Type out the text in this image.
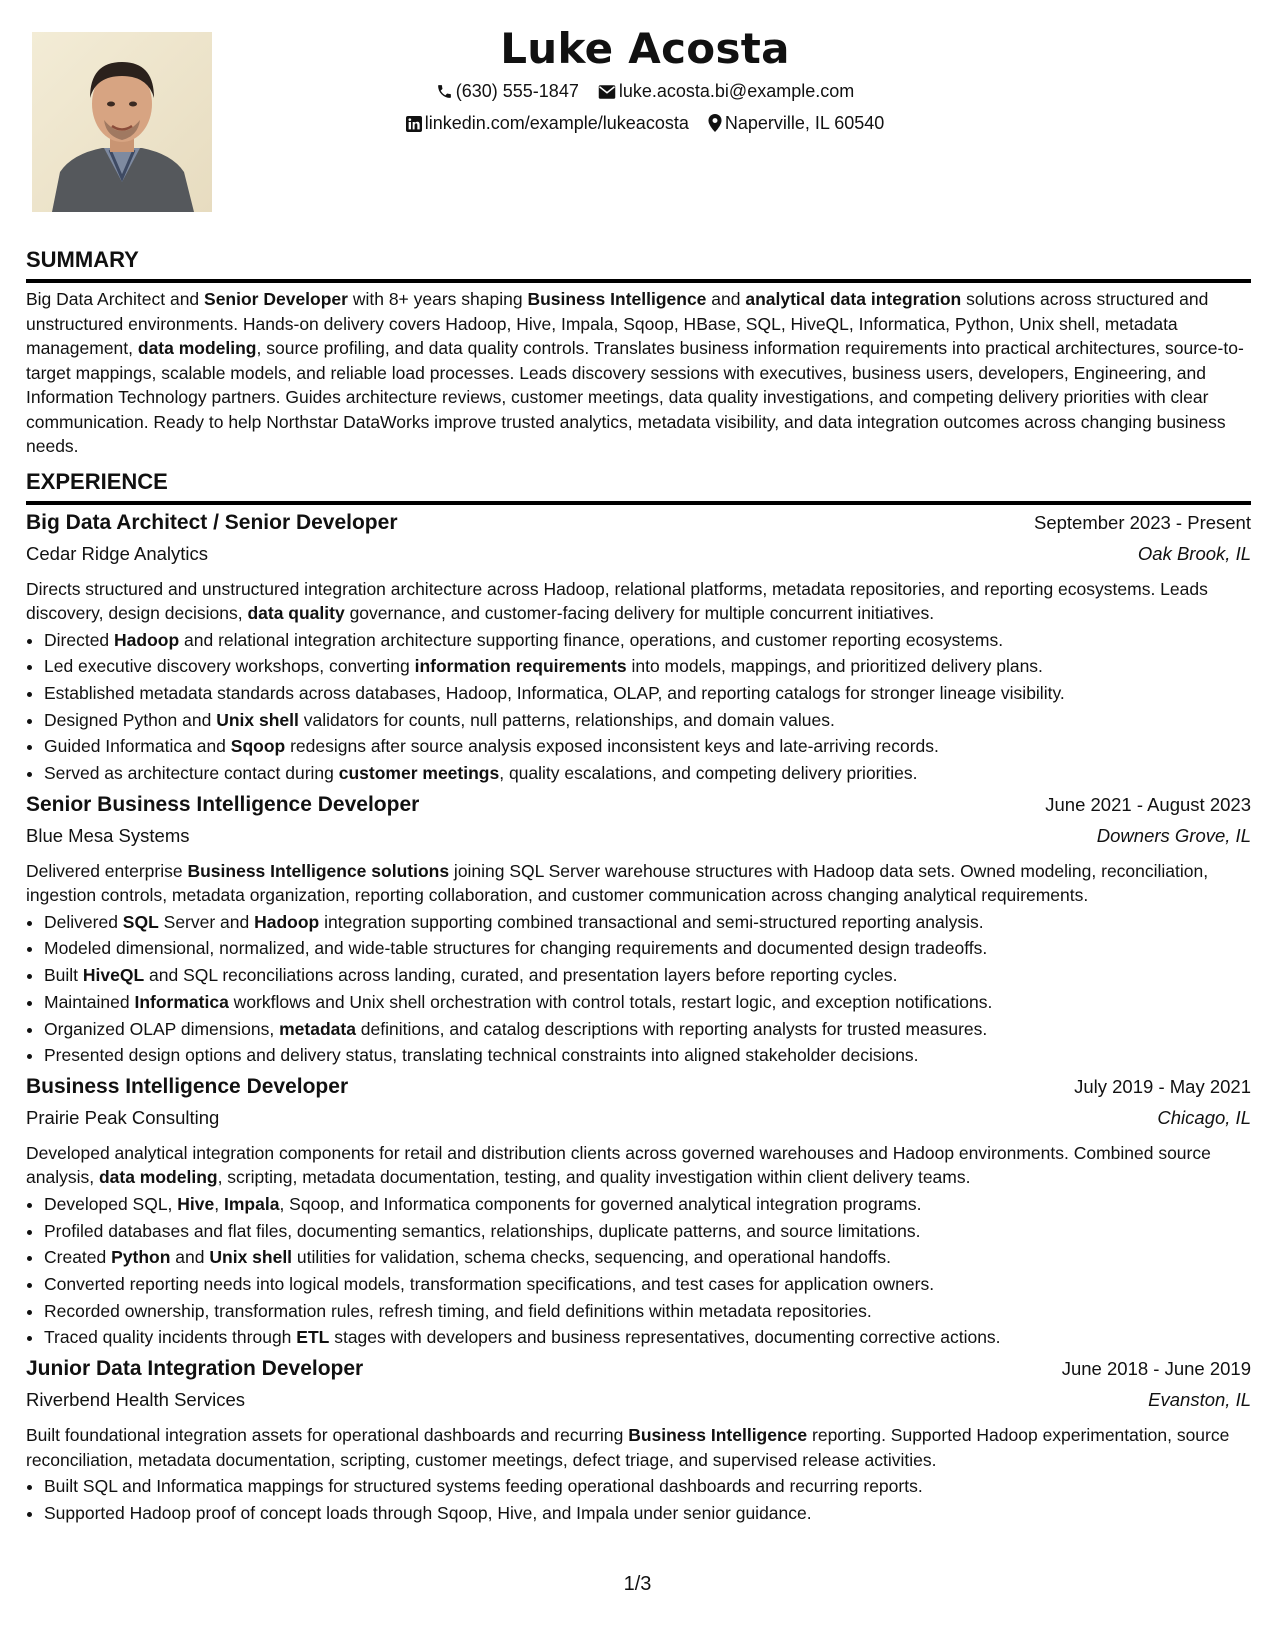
Luke Acosta
(630) 555-1847 luke.acosta.bi@example.com
linkedin.com/example/lukeacosta Naperville, IL 60540
SUMMARY

Big Data Architect and Senior Developer with 8+ years shaping Business Intelligence and analytical data integration solutions across structured and unstructured environments. Hands-on delivery covers Hadoop, Hive, Impala, Sqoop, HBase, SQL, HiveQL, Informatica, Python, Unix shell, metadata management, data modeling, source profiling, and data quality controls. Translates business information requirements into practical architectures, source-to-target mappings, scalable models, and reliable load processes. Leads discovery sessions with executives, business users, developers, Engineering, and Information Technology partners. Guides architecture reviews, customer meetings, data quality investigations, and competing delivery priorities with clear communication. Ready to help Northstar DataWorks improve trusted analytics, metadata visibility, and data integration outcomes across changing business needs.

EXPERIENCE
Big Data Architect / Senior Developer	September 2023 - Present
Cedar Ridge Analytics	Oak Brook, IL

Directs structured and unstructured integration architecture across Hadoop, relational platforms, metadata repositories, and reporting ecosystems. Leads discovery, design decisions, data quality governance, and customer-facing delivery for multiple concurrent initiatives.

• Directed Hadoop and relational integration architecture supporting finance, operations, and customer reporting ecosystems.
• Led executive discovery workshops, converting information requirements into models, mappings, and prioritized delivery plans.
• Established metadata standards across databases, Hadoop, Informatica, OLAP, and reporting catalogs for stronger lineage visibility.
• Designed Python and Unix shell validators for counts, null patterns, relationships, and domain values.
• Guided Informatica and Sqoop redesigns after source analysis exposed inconsistent keys and late-arriving records.
• Served as architecture contact during customer meetings, quality escalations, and competing delivery priorities.
Senior Business Intelligence Developer	June 2021 - August 2023
Blue Mesa Systems	Downers Grove, IL

Delivered enterprise Business Intelligence solutions joining SQL Server warehouse structures with Hadoop data sets. Owned modeling, reconciliation, ingestion controls, metadata organization, reporting collaboration, and customer communication across changing analytical requirements.

• Delivered SQL Server and Hadoop integration supporting combined transactional and semi-structured reporting analysis.
• Modeled dimensional, normalized, and wide-table structures for changing requirements and documented design tradeoffs.
• Built HiveQL and SQL reconciliations across landing, curated, and presentation layers before reporting cycles.
• Maintained Informatica workflows and Unix shell orchestration with control totals, restart logic, and exception notifications.
• Organized OLAP dimensions, metadata definitions, and catalog descriptions with reporting analysts for trusted measures.
• Presented design options and delivery status, translating technical constraints into aligned stakeholder decisions.
Business Intelligence Developer	July 2019 - May 2021
Prairie Peak Consulting	Chicago, IL

Developed analytical integration components for retail and distribution clients across governed warehouses and Hadoop environments. Combined source analysis, data modeling, scripting, metadata documentation, testing, and quality investigation within client delivery teams.

• Developed SQL, Hive, Impala, Sqoop, and Informatica components for governed analytical integration programs.
• Profiled databases and flat files, documenting semantics, relationships, duplicate patterns, and source limitations.
• Created Python and Unix shell utilities for validation, schema checks, sequencing, and operational handoffs.
• Converted reporting needs into logical models, transformation specifications, and test cases for application owners.
• Recorded ownership, transformation rules, refresh timing, and field definitions within metadata repositories.
• Traced quality incidents through ETL stages with developers and business representatives, documenting corrective actions.
Junior Data Integration Developer	June 2018 - June 2019
Riverbend Health Services	Evanston, IL

Built foundational integration assets for operational dashboards and recurring Business Intelligence reporting. Supported Hadoop experimentation, source reconciliation, metadata documentation, scripting, customer meetings, defect triage, and supervised release activities.

• Built SQL and Informatica mappings for structured systems feeding operational dashboards and recurring reports.
• Supported Hadoop proof of concept loads through Sqoop, Hive, and Impala under senior guidance.
1/3
